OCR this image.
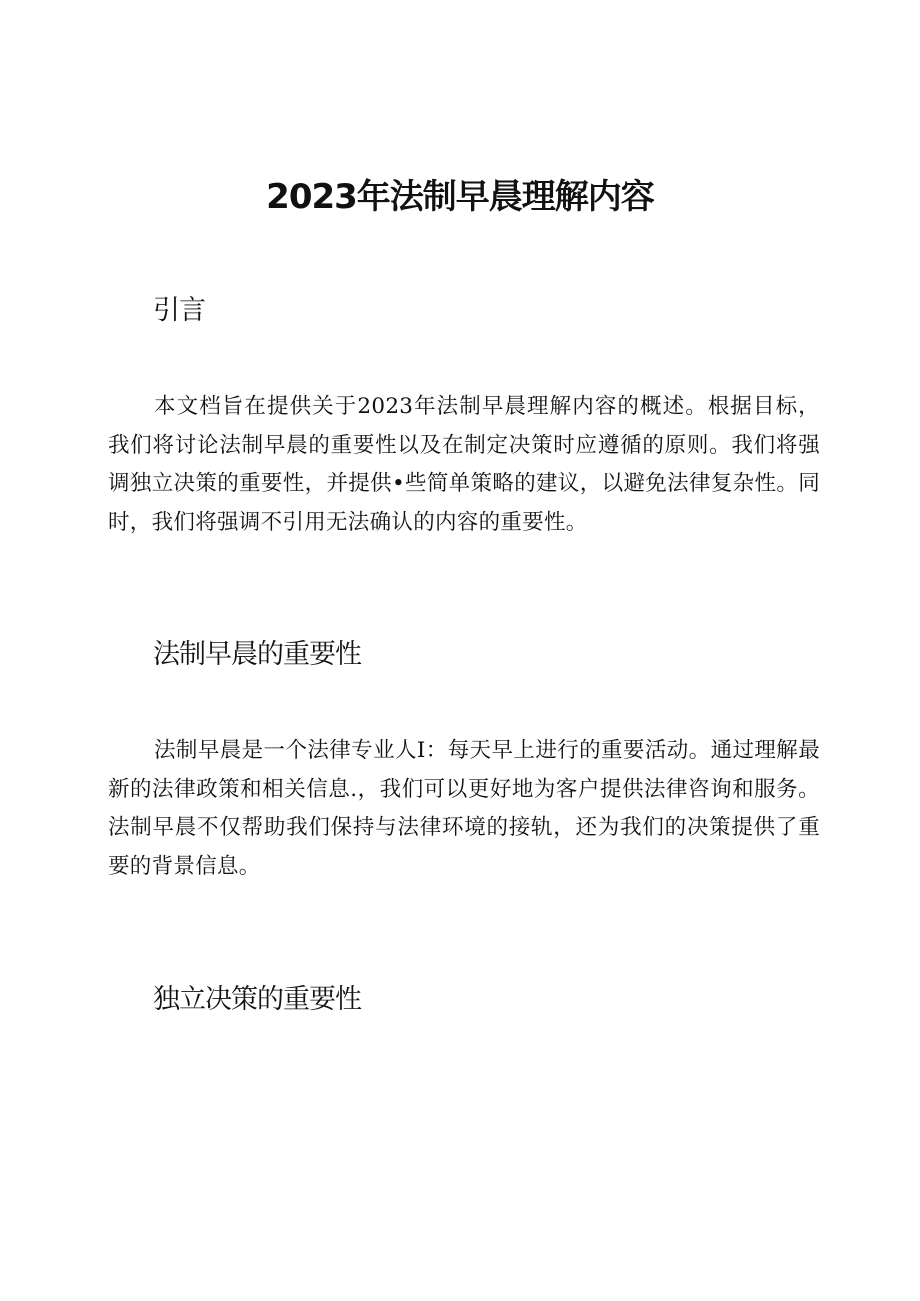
2023年法制早晨理解内容
引言

本文档旨在提供关于2023年法制早晨理解内容的概述。根据目标，我们将讨论法制早晨的重要性以及在制定决策时应遵循的原则。我们将强调独立决策的重要性，并提供•些简单策略的建议，以避免法律复杂性。同时，我们将强调不引用无法确认的内容的重要性。

法制早晨的重要性

法制早晨是一个法律专业人I：每天早上进行的重要活动。通过理解最新的法律政策和相关信息.，我们可以更好地为客户提供法律咨询和服务。法制早晨不仅帮助我们保持与法律环境的接轨，还为我们的决策提供了重要的背景信息。

独立决策的重要性
